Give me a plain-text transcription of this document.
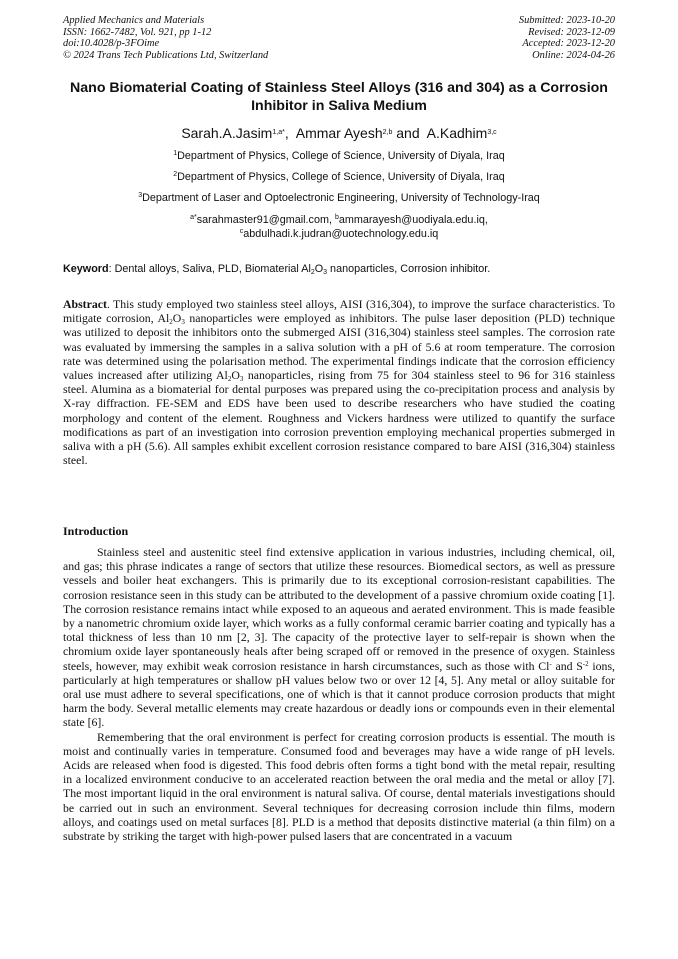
Applied Mechanics and Materials
ISSN: 1662-7482, Vol. 921, pp 1-12
doi:10.4028/p-3FOime
© 2024 Trans Tech Publications Ltd, Switzerland
Submitted: 2023-10-20
Revised: 2023-12-09
Accepted: 2023-12-20
Online: 2024-04-26
Nano Biomaterial Coating of Stainless Steel Alloys (316 and 304) as a Corrosion Inhibitor in Saliva Medium
Sarah.A.Jasim$^{1,a*}$,  Ammar Ayesh$^{2,b}$ and  A.Kadhim$^{3,c}$
$^1$Department of Physics, College of Science, University of Diyala, Iraq
$^2$Department of Physics, College of Science, University of Diyala, Iraq
$^3$Department of Laser and Optoelectronic Engineering, University of Technology-Iraq
$^{a*}$sarahmaster91@gmail.com, $^b$ammarayesh@uodiyala.edu.iq,
$^c$abdulhadi.k.judran@uotechnology.edu.iq
Keyword: Dental alloys, Saliva, PLD, Biomaterial $Al_2O_3$ nanoparticles, Corrosion inhibitor.

Abstract. This study employed two stainless steel alloys, AISI (316,304), to improve the surface characteristics. To mitigate corrosion, $Al_2O_3$ nanoparticles were employed as inhibitors. The pulse laser deposition (PLD) technique was utilized to deposit the inhibitors onto the submerged AISI (316,304) stainless steel samples. The corrosion rate was evaluated by immersing the samples in a saliva solution with a pH of 5.6 at room temperature. The corrosion rate was determined using the polarisation method. The experimental findings indicate that the corrosion efficiency values increased after utilizing $Al_2O_3$ nanoparticles, rising from 75 for 304 stainless steel to 96 for 316 stainless steel. Alumina as a biomaterial for dental purposes was prepared using the co-precipitation process and analysis by X-ray diffraction. FE-SEM and EDS have been used to describe researchers who have studied the coating morphology and content of the element. Roughness and Vickers hardness were utilized to quantify the surface modifications as part of an investigation into corrosion prevention employing mechanical properties submerged in saliva with a pH (5.6). All samples exhibit excellent corrosion resistance compared to bare AISI (316,304) stainless steel.

Introduction

Stainless steel and austenitic steel find extensive application in various industries, including chemical, oil, and gas; this phrase indicates a range of sectors that utilize these resources. Biomedical sectors, as well as pressure vessels and boiler heat exchangers. This is primarily due to its exceptional corrosion-resistant capabilities. The corrosion resistance seen in this study can be attributed to the development of a passive chromium oxide coating [1]. The corrosion resistance remains intact while exposed to an aqueous and aerated environment. This is made feasible by a nanometric chromium oxide layer, which works as a fully conformal ceramic barrier coating and typically has a total thickness of less than 10 nm [2, 3]. The capacity of the protective layer to self-repair is shown when the chromium oxide layer spontaneously heals after being scraped off or removed in the presence of oxygen. Stainless steels, however, may exhibit weak corrosion resistance in harsh circumstances, such as those with Cl- and $S^{-2}$ ions, particularly at high temperatures or shallow pH values below two or over 12 [4, 5]. Any metal or alloy suitable for oral use must adhere to several specifications, one of which is that it cannot produce corrosion products that might harm the body. Several metallic elements may create hazardous or deadly ions or compounds even in their elemental state [6].

Remembering that the oral environment is perfect for creating corrosion products is essential. The mouth is moist and continually varies in temperature. Consumed food and beverages may have a wide range of pH levels. Acids are released when food is digested. This food debris often forms a tight bond with the metal repair, resulting in a localized environment conducive to an accelerated reaction between the oral media and the metal or alloy [7]. The most important liquid in the oral environment is natural saliva. Of course, dental materials investigations should be carried out in such an environment. Several techniques for decreasing corrosion include thin films, modern alloys, and coatings used on metal surfaces [8]. PLD is a method that deposits distinctive material (a thin film) on a substrate by striking the target with high-power pulsed lasers that are concentrated in a vacuum
